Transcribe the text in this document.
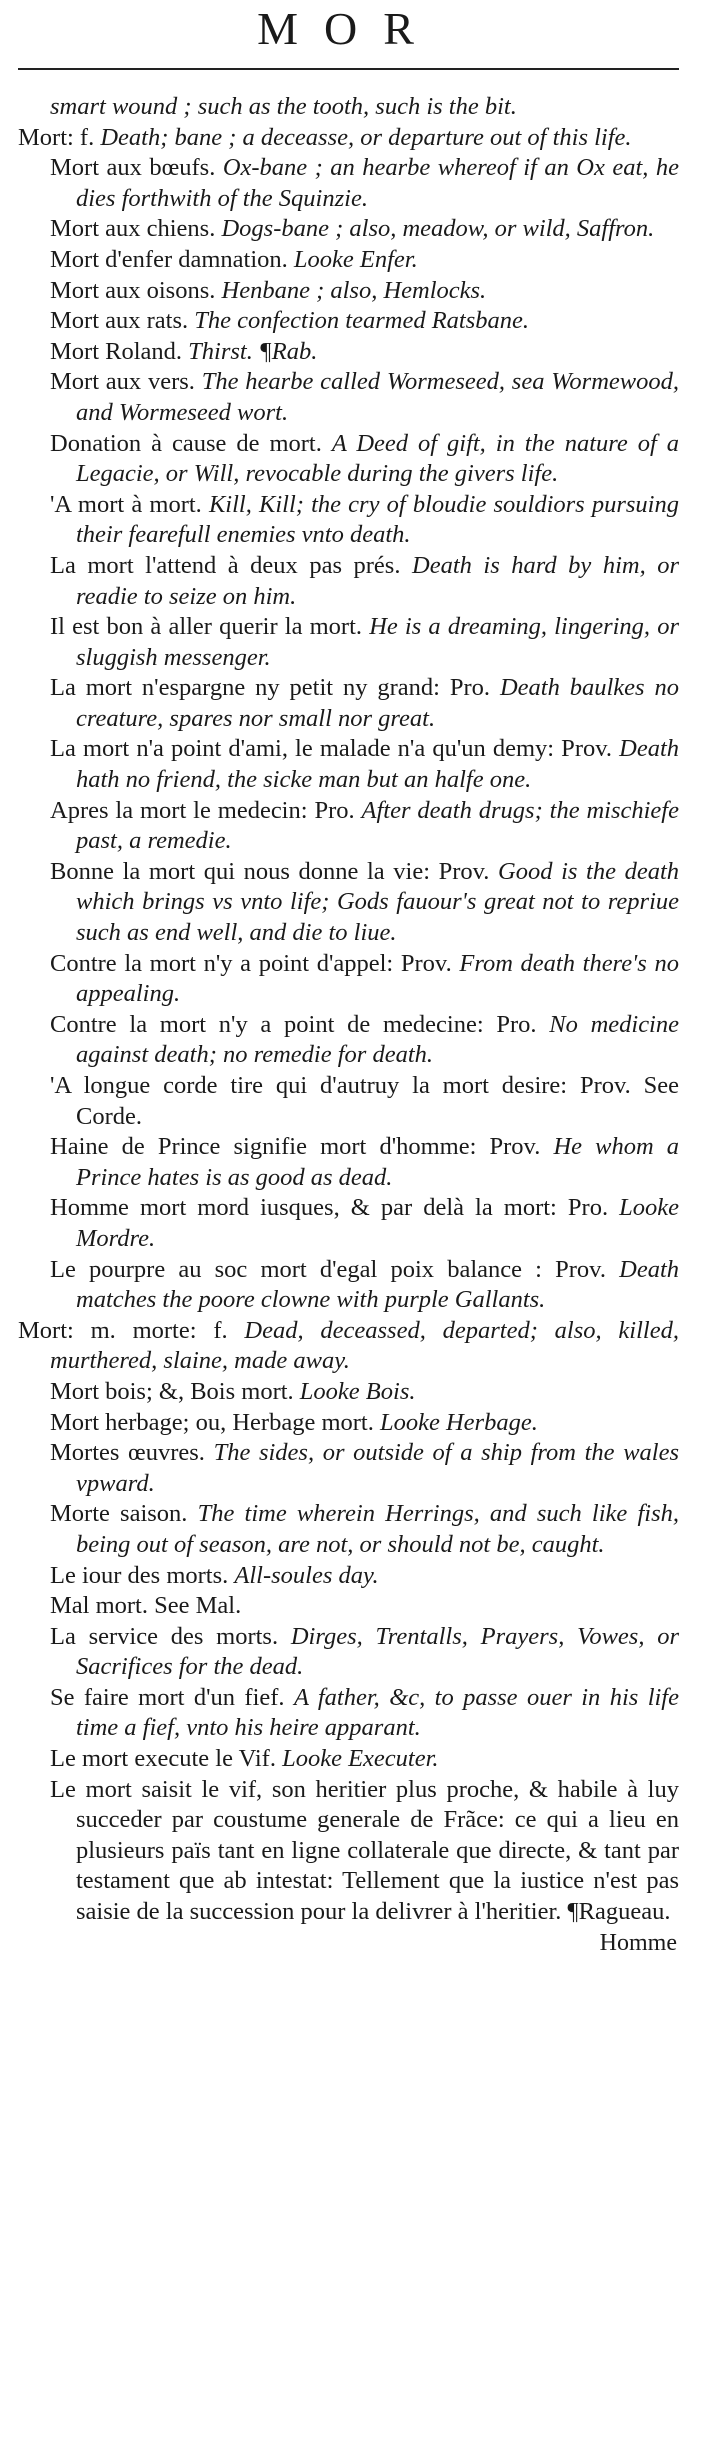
MOR

smart wound ; such as the tooth, such is the bit.

Mort: f. Death; bane ; a deceasse, or departure out of this life.

Mort aux bœufs. Ox-bane ; an hearbe whereof if an Ox eat, he dies forthwith of the Squinzie.

Mort aux chiens. Dogs-bane ; also, meadow, or wild, Saffron.

Mort d'enfer damnation. Looke Enfer.

Mort aux oisons. Henbane ; also, Hemlocks.

Mort aux rats. The confection tearmed Ratsbane.

Mort Roland. Thirst. ¶Rab.

Mort aux vers. The hearbe called Wormeseed, sea Wormewood, and Wormeseed wort.

Donation à cause de mort. A Deed of gift, in the nature of a Legacie, or Will, revocable during the givers life.

'A mort à mort. Kill, Kill; the cry of bloudie souldiors pursuing their fearefull enemies vnto death.

La mort l'attend à deux pas prés. Death is hard by him, or readie to seize on him.

Il est bon à aller querir la mort. He is a dreaming, lingering, or sluggish messenger.

La mort n'espargne ny petit ny grand: Pro. Death baulkes no creature, spares nor small nor great.

La mort n'a point d'ami, le malade n'a qu'un demy: Prov. Death hath no friend, the sicke man but an halfe one.

Apres la mort le medecin: Pro. After death drugs; the mischiefe past, a remedie.

Bonne la mort qui nous donne la vie: Prov. Good is the death which brings vs vnto life; Gods fauour's great not to repriue such as end well, and die to liue.

Contre la mort n'y a point d'appel: Prov. From death there's no appealing.

Contre la mort n'y a point de medecine: Pro. No medicine against death; no remedie for death.

'A longue corde tire qui d'autruy la mort desire: Prov. See Corde.

Haine de Prince signifie mort d'homme: Prov. He whom a Prince hates is as good as dead.

Homme mort mord iusques, & par delà la mort: Pro. Looke Mordre.

Le pourpre au soc mort d'egal poix balance : Prov. Death matches the poore clowne with purple Gallants.

Mort: m. morte: f. Dead, deceassed, departed; also, killed, murthered, slaine, made away.

Mort bois; &, Bois mort. Looke Bois.

Mort herbage; ou, Herbage mort. Looke Herbage.

Mortes œuvres. The sides, or outside of a ship from the wales vpward.

Morte saison. The time wherein Herrings, and such like fish, being out of season, are not, or should not be, caught.

Le iour des morts. All-soules day.

Mal mort. See Mal.

La service des morts. Dirges, Trentalls, Prayers, Vowes, or Sacrifices for the dead.

Se faire mort d'un fief. A father, &c, to passe ouer in his life time a fief, vnto his heire apparant.

Le mort execute le Vif. Looke Executer.

Le mort saisit le vif, son heritier plus proche, & habile à luy succeder par coustume generale de Frãce: ce qui a lieu en plusieurs païs tant en ligne collaterale que directe, & tant par testament que ab intestat: Tellement que la iustice n'est pas saisie de la succession pour la delivrer à l'heritier. ¶Ragueau.

Homme
